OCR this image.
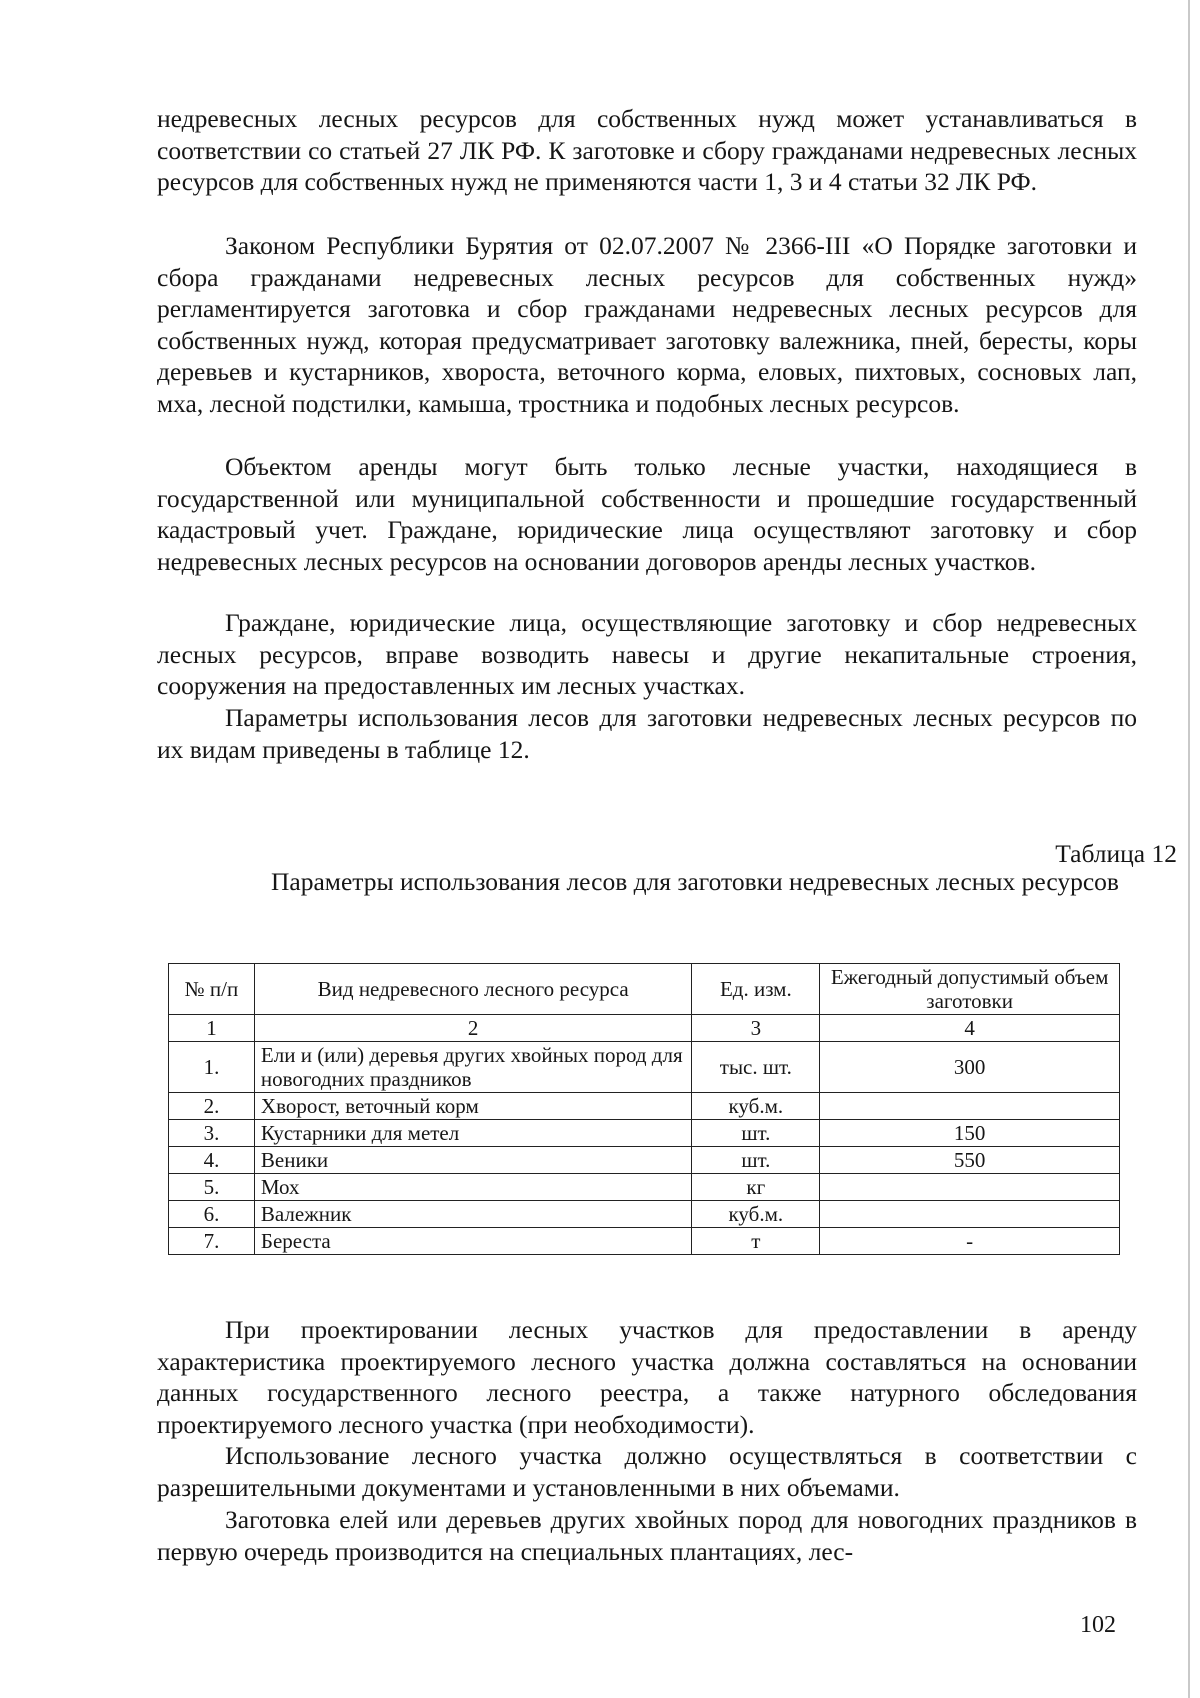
недревесных лесных ресурсов для собственных нужд может устанавливаться в соответствии со статьей 27 ЛК РФ. К заготовке и сбору гражданами недревесных лесных ресурсов для собственных нужд не применяются части 1, 3 и 4 статьи 32 ЛК РФ.

Законом Республики Бурятия от 02.07.2007 № 2366-III «О Порядке заготовки и сбора гражданами недревесных лесных ресурсов для собственных нужд» регламентируется заготовка и сбор гражданами недревесных лесных ресурсов для собственных нужд, которая предусматривает заготовку валежника, пней, бересты, коры деревьев и кустарников, хвороста, веточного корма, еловых, пихтовых, сосновых лап, мха, лесной подстилки, камыша, тростника и подобных лесных ресурсов.

Объектом аренды могут быть только лесные участки, находящиеся в государственной или муниципальной собственности и прошедшие государственный кадастровый учет. Граждане, юридические лица осуществляют заготовку и сбор недревесных лесных ресурсов на основании договоров аренды лесных участков.

Граждане, юридические лица, осуществляющие заготовку и сбор недревесных лесных ресурсов, вправе возводить навесы и другие некапитальные строения, сооружения на предоставленных им лесных участках.

Параметры использования лесов для заготовки недревесных лесных ресурсов по их видам приведены в таблице 12.

Таблица 12
Параметры использования лесов для заготовки недревесных лесных ресурсов
№ п/п	Вид недревесного лесного ресурса	Ед. изм.	Ежегодный допустимый объем заготовки
1	2	3	4
1.	Ели и (или) деревья других хвойных пород для новогодних праздников	тыс. шт.	300
2.	Хворост, веточный корм	куб.м.	
3.	Кустарники для метел	шт.	150
4.	Веники	шт.	550
5.	Мох	кг	
6.	Валежник	куб.м.	
7.	Береста	т	-

При проектировании лесных участков для предоставлении в аренду характеристика проектируемого лесного участка должна составляться на основании данных государственного лесного реестра, а также натурного обследования проектируемого лесного участка (при необходимости).

Использование лесного участка должно осуществляться в соответствии с разрешительными документами и установленными в них объемами.

Заготовка елей или деревьев других хвойных пород для новогодних праздников в первую очередь производится на специальных плантациях, лес-

102
